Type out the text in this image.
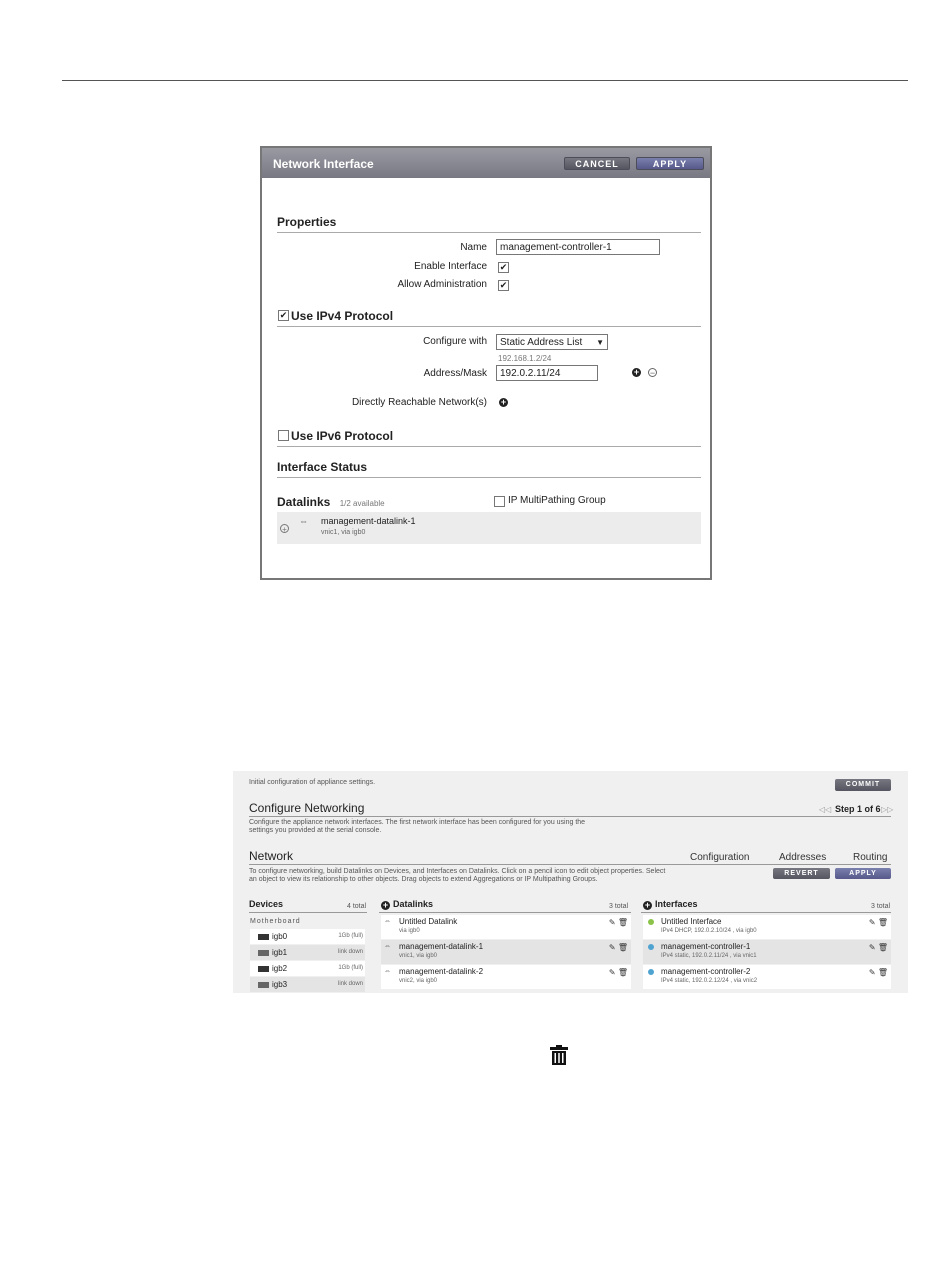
Network Interface	CANCEL	APPLY
Properties
Name	management-controller-1
Enable Interface ✔
Allow Administration ✔
✔ Use IPv4 Protocol
Configure with	Static Address List ▼
192.168.1.2/24
Address/Mask	192.0.2.11/24	+ −
Directly Reachable Network(s) +
Use IPv6 Protocol
Interface Status
Datalinks 1/2 available	IP MultiPathing Group
+
⇔ management-datalink-1
vnic1, via igb0
Initial configuration of appliance settings.	COMMIT
Configure Networking	◁◁ Step 1 of 6 ▷▷
Configure the appliance network interfaces. The first network interface has been configured for you using the
settings you provided at the serial console.
Network	Configuration	Addresses	Routing
To configure networking, build Datalinks on Devices, and Interfaces on Datalinks. Click on a pencil icon to edit object properties. Select
an object to view its relationship to other objects. Drag objects to extend Aggregations or IP Multipathing Groups.
REVERT	APPLY
Devices	4 total
Motherboard
igb0	1Gb (full)
igb1	link down
igb2	1Gb (full)
igb3	link down
+ Datalinks	3 total
⇔ Untitled Datalink
via igb0
✎ 🗑
⇔ management-datalink-1
vnic1, via igb0
✎ 🗑
⇔ management-datalink-2
vnic2, via igb0
✎ 🗑
+ Interfaces	3 total
Untitled Interface
IPv4 DHCP, 192.0.2.10/24 , via igb0
✎ 🗑
management-controller-1
IPv4 static, 192.0.2.11/24 , via vnic1
✎ 🗑
management-controller-2
IPv4 static, 192.0.2.12/24 , via vnic2
✎ 🗑
